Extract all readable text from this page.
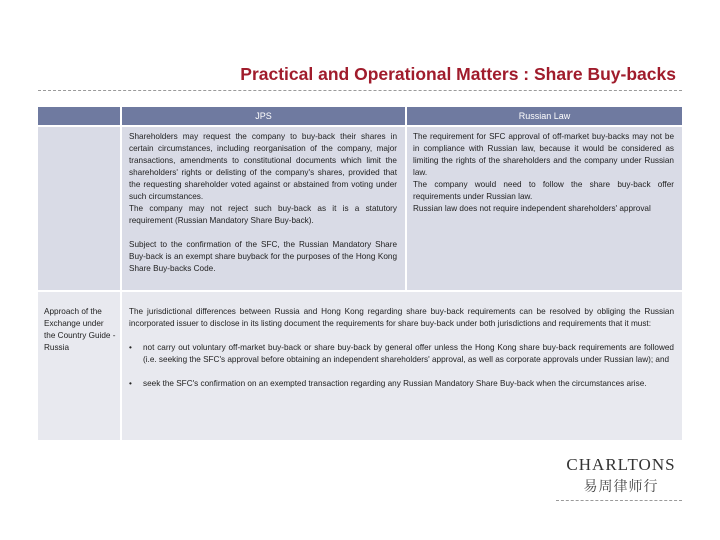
Practical and Operational Matters : Share Buy-backs
JPS	Russian Law

Shareholders may request the company to buy-back their shares in certain circumstances, including reorganisation of the company, major transactions, amendments to constitutional documents which limit the shareholders' rights or delisting of the company's shares, provided that the requesting shareholder voted against or abstained from voting under such circumstances.

The company may not reject such buy-back as it is a statutory requirement (Russian Mandatory Share Buy-back).

Subject to the confirmation of the SFC, the Russian Mandatory Share Buy-back is an exempt share buyback for the purposes of the Hong Kong Share Buy-backs Code.

The requirement for SFC approval of off-market buy-backs may not be in compliance with Russian law, because it would be considered as limiting the rights of the shareholders and the company under Russian law.

The company would need to follow the share buy-back offer requirements under Russian law.

Russian law does not require independent shareholders' approval

Approach of the Exchange under the Country Guide - Russia

The jurisdictional differences between Russia and Hong Kong regarding share buy-back requirements can be resolved by obliging the Russian incorporated issuer to disclose in its listing document the requirements for share buy-back under both jurisdictions and requirements that it must:

• not carry out voluntary off-market buy-back or share buy-back by general offer unless the Hong Kong share buy-back requirements are followed (i.e. seeking the SFC's approval before obtaining an independent shareholders' approval, as well as corporate approvals under Russian law); and
• seek the SFC's confirmation on an exempted transaction regarding any Russian Mandatory Share Buy-back when the circumstances arise.
CHARLTONS
易周律师行
